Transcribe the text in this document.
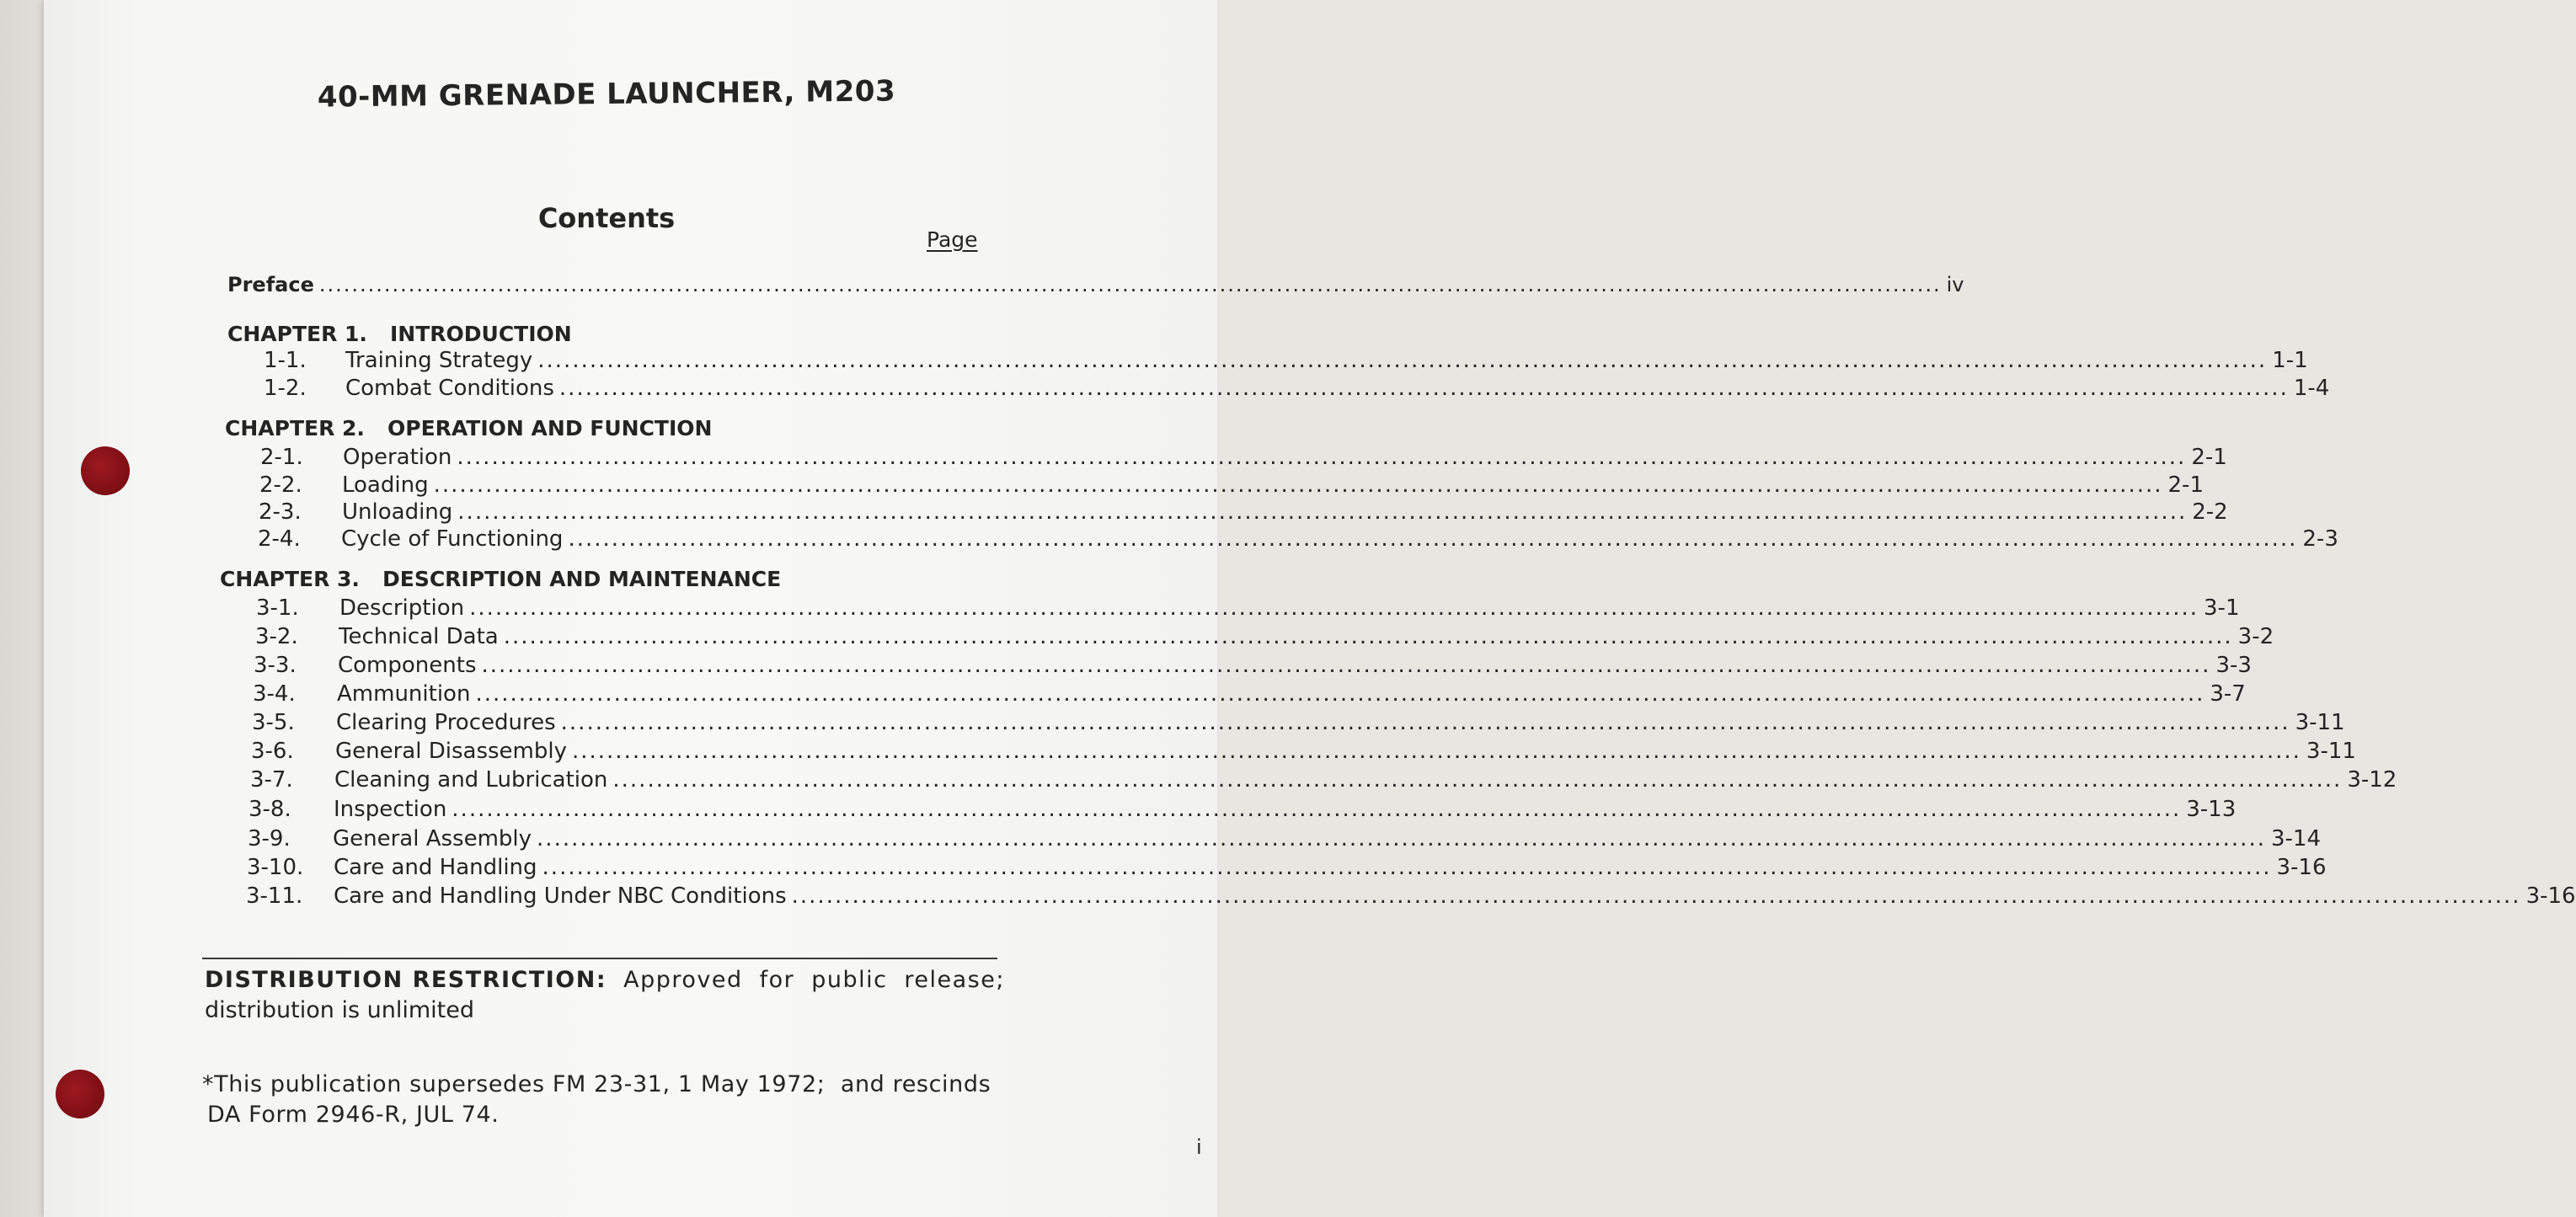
40-MM GRENADE LAUNCHER, M203
Contents
Page
Preface ........................................................................................................................................................................................................ iv
CHAPTER 1. INTRODUCTION
1-1.	Training Strategy ........................................................................................................................................................................................................ 1-1
1-2.	Combat Conditions ........................................................................................................................................................................................................ 1-4
CHAPTER 2. OPERATION AND FUNCTION
2-1.	Operation ........................................................................................................................................................................................................ 2-1
2-2.	Loading ........................................................................................................................................................................................................ 2-1
2-3.	Unloading ........................................................................................................................................................................................................ 2-2
2-4.	Cycle of Functioning ........................................................................................................................................................................................................ 2-3
CHAPTER 3. DESCRIPTION AND MAINTENANCE
3-1.	Description ........................................................................................................................................................................................................ 3-1
3-2.	Technical Data ........................................................................................................................................................................................................ 3-2
3-3.	Components ........................................................................................................................................................................................................ 3-3
3-4.	Ammunition ........................................................................................................................................................................................................ 3-7
3-5.	Clearing Procedures ........................................................................................................................................................................................................ 3-11
3-6.	General Disassembly ........................................................................................................................................................................................................ 3-11
3-7.	Cleaning and Lubrication ........................................................................................................................................................................................................ 3-12
3-8.	Inspection ........................................................................................................................................................................................................ 3-13
3-9.	General Assembly ........................................................................................................................................................................................................ 3-14
3-10.	Care and Handling ........................................................................................................................................................................................................ 3-16
3-11.	Care and Handling Under NBC Conditions ........................................................................................................................................................................................................ 3-16
DISTRIBUTION RESTRICTION: Approved for public release;
distribution is unlimited
*This publication supersedes FM 23-31, 1 May 1972;  and rescinds
DA Form 2946-R, JUL 74.
i
